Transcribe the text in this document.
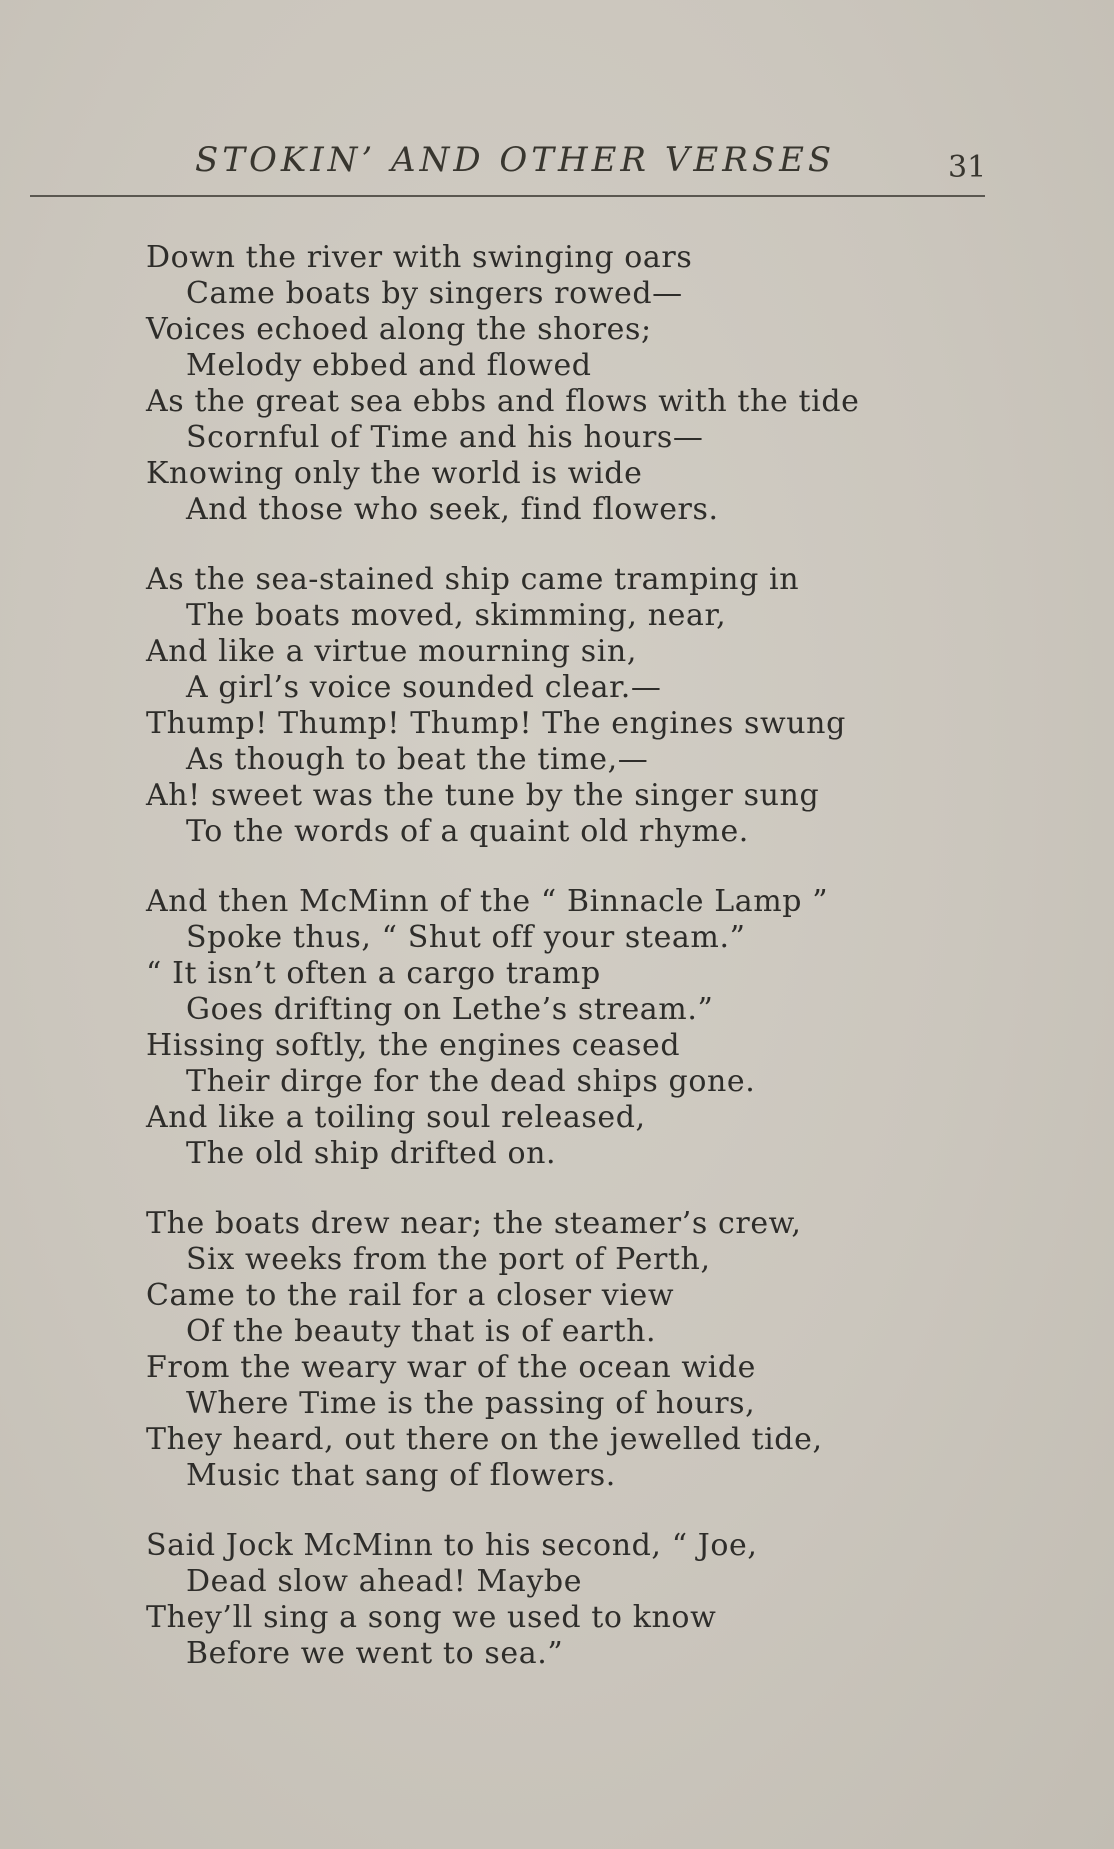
STOKIN’ AND OTHER VERSES	31
Down the river with swinging oars
Came boats by singers rowed—
Voices echoed along the shores;
Melody ebbed and flowed
As the great sea ebbs and flows with the tide
Scornful of Time and his hours—
Knowing only the world is wide
And those who seek, find flowers.
As the sea-stained ship came tramping in
The boats moved, skimming, near,
And like a virtue mourning sin,
A girl’s voice sounded clear.—
Thump! Thump! Thump! The engines swung
As though to beat the time,—
Ah! sweet was the tune by the singer sung
To the words of a quaint old rhyme.
And then McMinn of the “ Binnacle Lamp ”
Spoke thus, “ Shut off your steam.”
“ It isn’t often a cargo tramp
Goes drifting on Lethe’s stream.”
Hissing softly, the engines ceased
Their dirge for the dead ships gone.
And like a toiling soul released,
The old ship drifted on.
The boats drew near; the steamer’s crew,
Six weeks from the port of Perth,
Came to the rail for a closer view
Of the beauty that is of earth.
From the weary war of the ocean wide
Where Time is the passing of hours,
They heard, out there on the jewelled tide,
Music that sang of flowers.
Said Jock McMinn to his second, “ Joe,
Dead slow ahead! Maybe
They’ll sing a song we used to know
Before we went to sea.”
